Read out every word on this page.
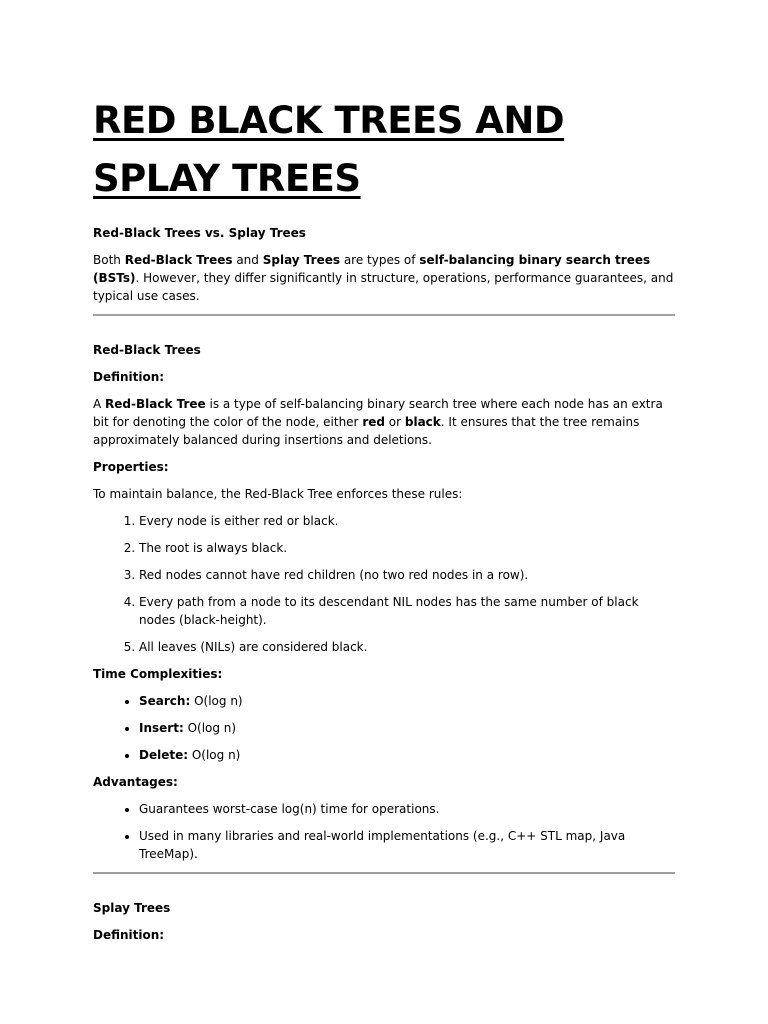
RED BLACK TREES AND SPLAY TREES
Red-Black Trees vs. Splay Trees

Both Red-Black Trees and Splay Trees are types of self-balancing binary search trees (BSTs). However, they differ significantly in structure, operations, performance guarantees, and typical use cases.

Red-Black Trees
Definition:

A Red-Black Tree is a type of self-balancing binary search tree where each node has an extra bit for denoting the color of the node, either red or black. It ensures that the tree remains approximately balanced during insertions and deletions.

Properties:

To maintain balance, the Red-Black Tree enforces these rules:

1. Every node is either red or black.
2. The root is always black.
3. Red nodes cannot have red children (no two red nodes in a row).
4. Every path from a node to its descendant NIL nodes has the same number of black nodes (black-height).
5. All leaves (NILs) are considered black.
Time Complexities:
• Search: O(log n)
• Insert: O(log n)
• Delete: O(log n)
Advantages:
• Guarantees worst-case log(n) time for operations.
• Used in many libraries and real-world implementations (e.g., C++ STL map, Java TreeMap).
Splay Trees
Definition:
